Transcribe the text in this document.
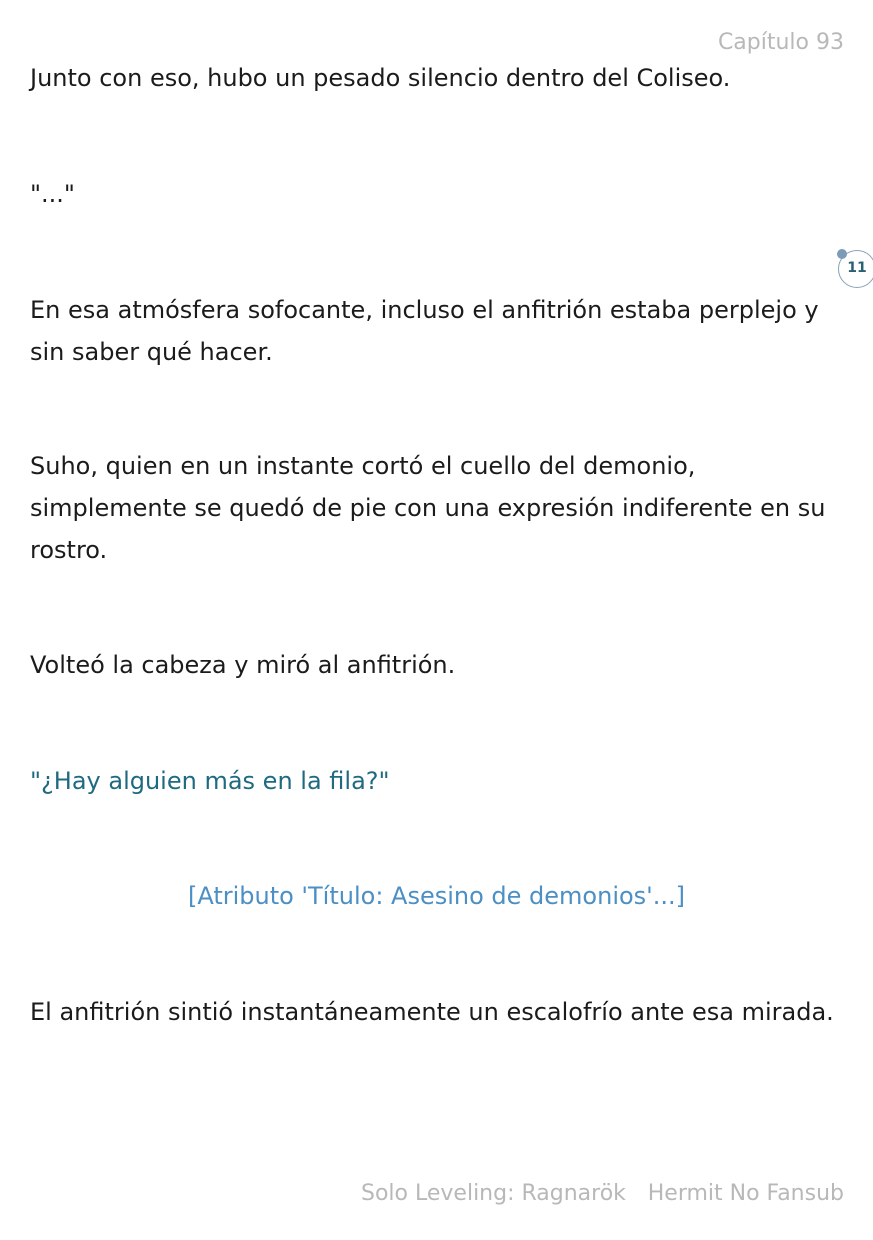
Capítulo 93

Junto con eso, hubo un pesado silencio dentro del Coliseo.

"..."

11

En esa atmósfera sofocante, incluso el anfitrión estaba perplejo y sin saber qué hacer.

Suho, quien en un instante cortó el cuello del demonio, simplemente se quedó de pie con una expresión indiferente en su rostro.

Volteó la cabeza y miró al anfitrión.

"¿Hay alguien más en la fila?"

[Atributo 'Título: Asesino de demonios'...]

El anfitrión sintió instantáneamente un escalofrío ante esa mirada.

Solo Leveling: Ragnarök Hermit No Fansub
